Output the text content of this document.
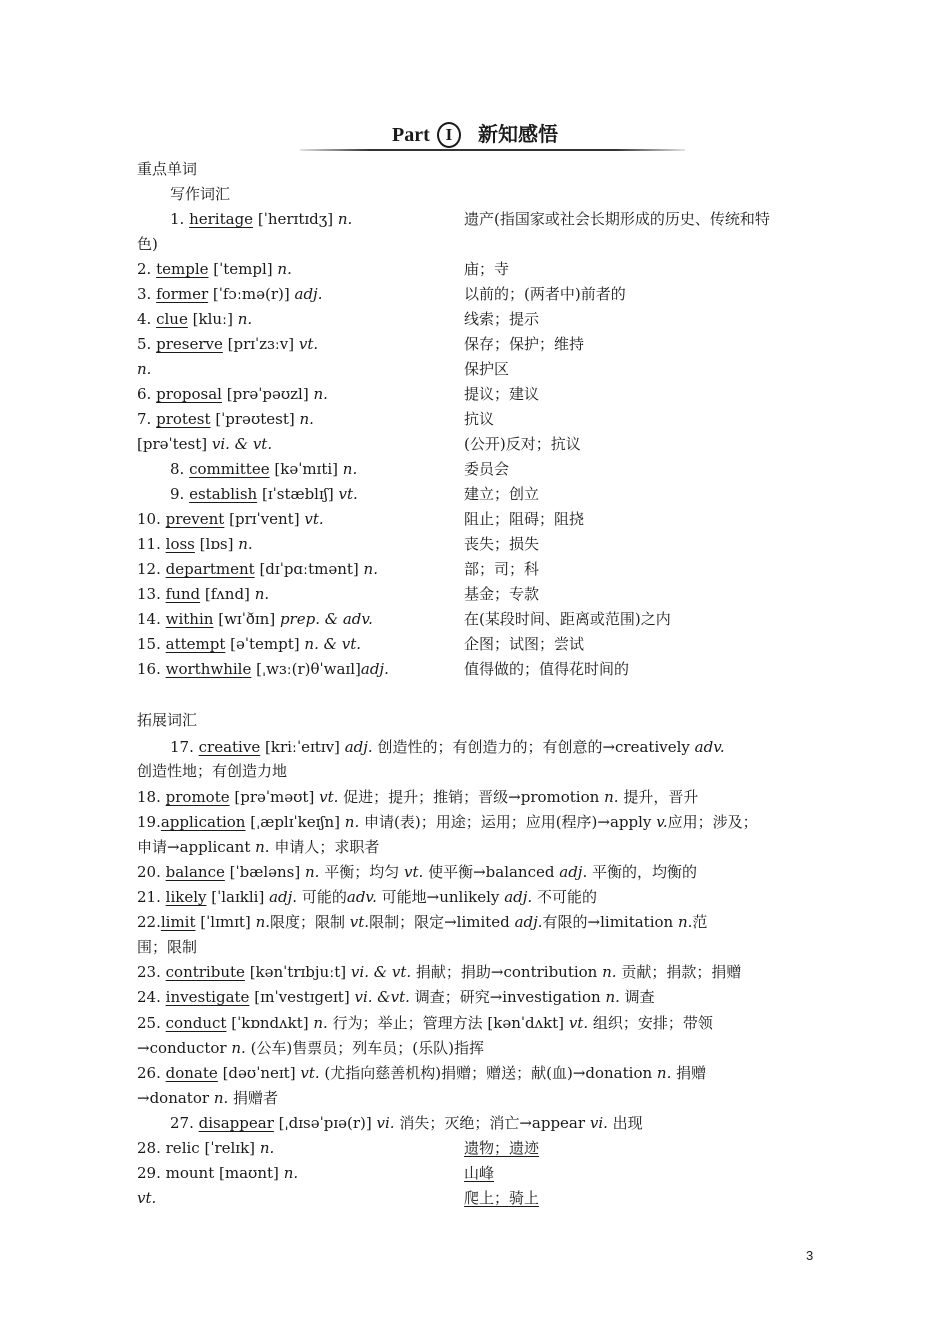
Part I 新知感悟
重点单词
写作词汇
1. heritage [ˈherɪtɪdʒ] n.	遗产(指国家或社会长期形成的历史、传统和特
色)
2. temple [ˈtempl] n.	庙；寺
3. former [ˈfɔːmə(r)] adj.	以前的；(两者中)前者的
4. clue [kluː] n.	线索；提示
5. preserve [prɪˈzɜːv] vt.	保存；保护；维持
n.	保护区
6. proposal [prəˈpəʊzl] n.	提议；建议
7. protest [ˈprəʊtest] n.	抗议
[prəˈtest] vi. & vt.	(公开)反对；抗议
8. committee [kəˈmɪti] n.	委员会
9. establish [ɪˈstæblɪʃ] vt.	建立；创立
10. prevent [prɪˈvent] vt.	阻止；阻碍；阻挠
11. loss [lɒs] n.	丧失；损失
12. department [dɪˈpɑːtmənt] n.	部；司；科
13. fund [fʌnd] n.	基金；专款
14. within [wɪˈðɪn] prep. & adv.	在(某段时间、距离或范围)之内
15. attempt [əˈtempt] n. & vt.	企图；试图；尝试
16. worthwhile [ˌwɜː(r)θˈwaɪl]adj.	值得做的；值得花时间的
拓展词汇
17. creative [kriːˈeɪtɪv] adj. 创造性的；有创造力的；有创意的→creatively adv.
创造性地；有创造力地
18. promote [prəˈməʊt] vt. 促进；提升；推销；晋级→promotion n. 提升，晋升
19.application [ˌæplɪˈkeɪʃn] n. 申请(表)；用途；运用；应用(程序)→apply v.应用；涉及；
申请→applicant n. 申请人；求职者
20. balance [ˈbæləns] n. 平衡；均匀 vt. 使平衡→balanced adj. 平衡的，均衡的
21. likely [ˈlaɪkli] adj. 可能的adv. 可能地→unlikely adj. 不可能的
22.limit [ˈlɪmɪt] n.限度；限制 vt.限制；限定→limited adj.有限的→limitation n.范
围；限制
23. contribute [kənˈtrɪbjuːt] vi. & vt. 捐献；捐助→contribution n. 贡献；捐款；捐赠
24. investigate [ɪnˈvestɪgeɪt] vi. &vt. 调查；研究→investigation n. 调查
25. conduct [ˈkɒndʌkt] n. 行为；举止；管理方法 [kənˈdʌkt] vt. 组织；安排；带领
→conductor n. (公车)售票员；列车员；(乐队)指挥
26. donate [dəʊˈneɪt] vt. (尤指向慈善机构)捐赠；赠送；献(血)→donation n. 捐赠
→donator n. 捐赠者
27. disappear [ˌdɪsəˈpɪə(r)] vi. 消失；灭绝；消亡→appear vi. 出现
28. relic [ˈrelɪk] n.	遗物；遗迹
29. mount [maʊnt] n.	山峰
vt.	爬上；骑上
3
